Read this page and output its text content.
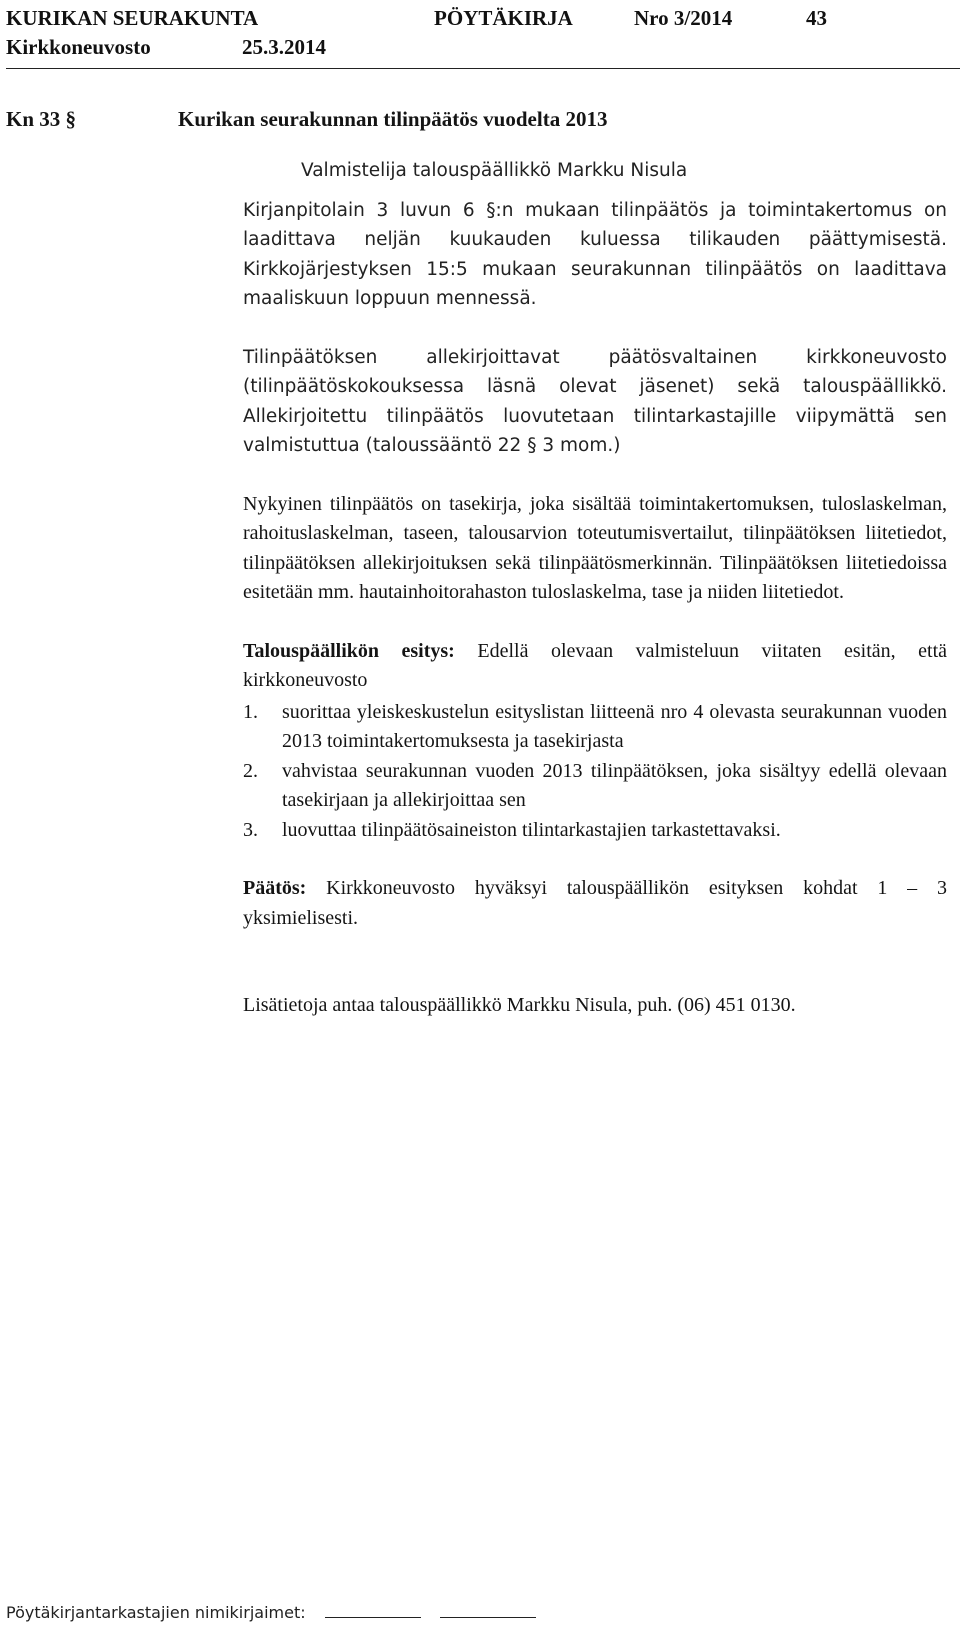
KURIKAN SEURAKUNTA	PÖYTÄKIRJA	Nro 3/2014	43
Kirkkoneuvosto	25.3.2014
Kn 33 §	Kurikan seurakunnan tilinpäätös vuodelta 2013

Valmistelija talouspäällikkö Markku Nisula

Kirjanpitolain 3 luvun 6 §:n mukaan tilinpäätös ja toimintakertomus on laadittava neljän kuukauden kuluessa tilikauden päättymisestä. Kirkkojärjestyksen 15:5 mukaan seurakunnan tilinpäätös on laadittava maaliskuun loppuun mennessä.

Tilinpäätöksen allekirjoittavat päätösvaltainen kirkkoneuvosto (tilinpäätöskokouksessa läsnä olevat jäsenet) sekä talouspäällikkö. Allekirjoitettu tilinpäätös luovutetaan tilintarkastajille viipymättä sen valmistuttua (taloussääntö 22 § 3 mom.)

Nykyinen tilinpäätös on tasekirja, joka sisältää toimintakertomuksen, tuloslaskelman, rahoituslaskelman, taseen, talousarvion toteutumisvertailut, tilinpäätöksen liitetiedot, tilinpäätöksen allekirjoituksen sekä tilinpäätösmerkinnän. Tilinpäätöksen liitetiedoissa esitetään mm. hautainhoitorahaston tuloslaskelma, tase ja niiden liitetiedot.

Talouspäällikön esitys: Edellä olevaan valmisteluun viitaten esitän, että kirkkoneuvosto

1. suorittaa yleiskeskustelun esityslistan liitteenä nro 4 olevasta seurakunnan vuoden 2013 toimintakertomuksesta ja tasekirjasta
2. vahvistaa seurakunnan vuoden 2013 tilinpäätöksen, joka sisältyy edellä olevaan tasekirjaan ja allekirjoittaa sen
3. luovuttaa tilinpäätösaineiston tilintarkastajien tarkastettavaksi.

Päätös: Kirkkoneuvosto hyväksyi talouspäällikön esityksen kohdat 1 – 3 yksimielisesti.

Lisätietoja antaa talouspäällikkö Markku Nisula, puh. (06) 451 0130.

Pöytäkirjantarkastajien nimikirjaimet:
